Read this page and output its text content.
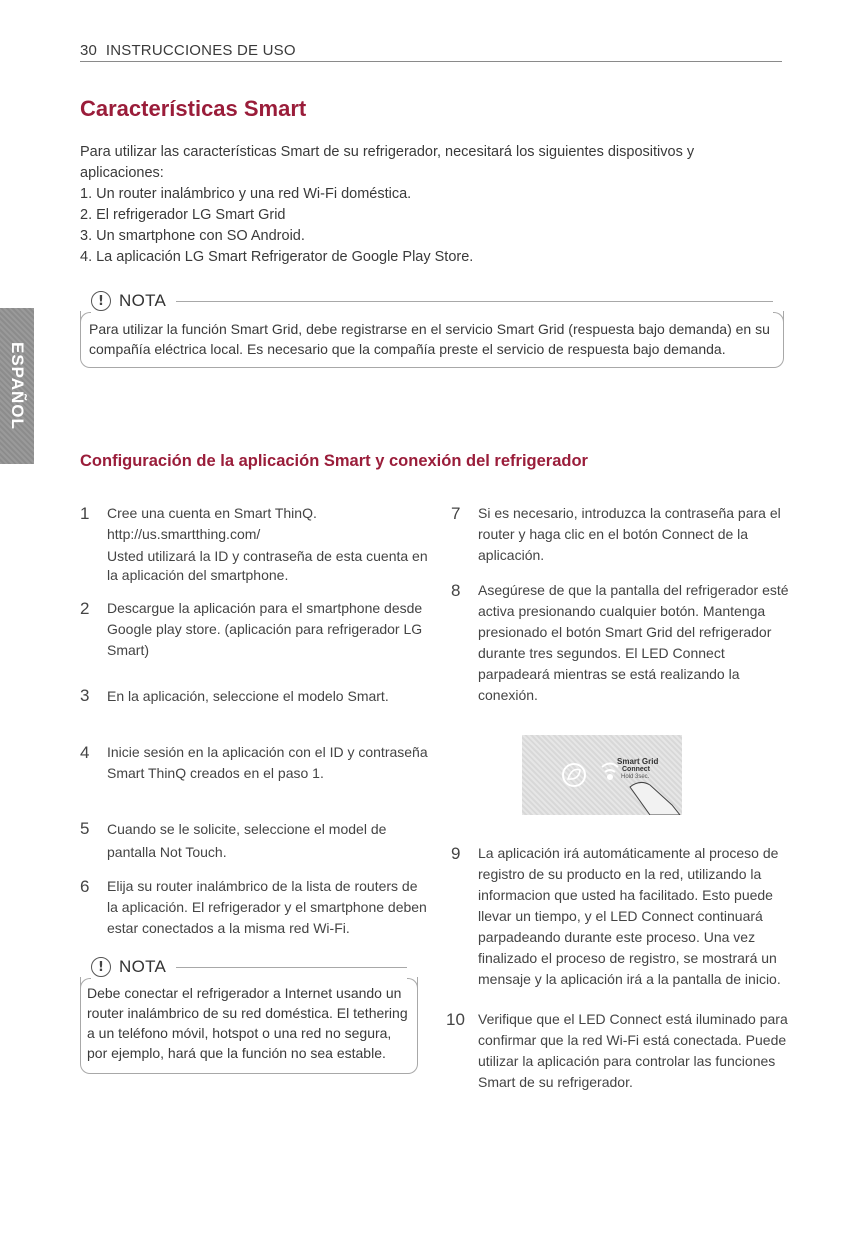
30 INSTRUCCIONES DE USO
ESPAÑOL
Características Smart

Para utilizar las características Smart de su refrigerador, necesitará los siguientes dispositivos y aplicaciones:

1. Un router inalámbrico y una red Wi-Fi doméstica.

2. El refrigerador LG Smart Grid

3. Un smartphone con SO Android.

4. La aplicación LG Smart Refrigerator de Google Play Store.

! NOTA
Para utilizar la función Smart Grid, debe registrarse en el servicio Smart Grid (respuesta bajo demanda) en su compañía eléctrica local. Es necesario que la compañía preste el servicio de respuesta bajo demanda.
Configuración de la aplicación Smart y conexión del refrigerador
1 Cree una cuenta en Smart ThinQ.

http://us.smartthing.com/

Usted utilizará la ID y contraseña de esta cuenta en la aplicación del smartphone.

2 Descargue la aplicación para el smartphone desde Google play store. (aplicación para refrigerador LG Smart)
3 En la aplicación, seleccione el modelo Smart.
4 Inicie sesión en la aplicación con el ID y contraseña Smart ThinQ creados en el paso 1.
5 Cuando se le solicite, seleccione el model de pantalla Not Touch.
6 Elija su router inalámbrico de la lista de routers de la aplicación. El refrigerador y el smartphone deben estar conectados a la misma red Wi-Fi.
! NOTA
Debe conectar el refrigerador a Internet usando un router inalámbrico de su red doméstica. El tethering a un teléfono móvil, hotspot o una red no segura, por ejemplo, hará que la función no sea estable.
7 Si es necesario, introduzca la contraseña para el router y haga clic en el botón Connect de la aplicación.
8 Asegúrese de que la pantalla del refrigerador esté activa presionando cualquier botón. Mantenga presionado el botón Smart Grid del refrigerador durante tres segundos. El LED Connect parpadeará mientras se está realizando la conexión.
Smart Grid
Connect
Hold 3sec.
9 La aplicación irá automáticamente al proceso de registro de su producto en la red, utilizando la informacion que usted ha facilitado. Esto puede llevar un tiempo, y el LED Connect continuará parpadeando durante este proceso. Una vez finalizado el proceso de registro, se mostrará un mensaje y la aplicación irá a la pantalla de inicio.
10 Verifique que el LED Connect está iluminado para confirmar que la red Wi-Fi está conectada. Puede utilizar la aplicación para controlar las funciones Smart de su refrigerador.
